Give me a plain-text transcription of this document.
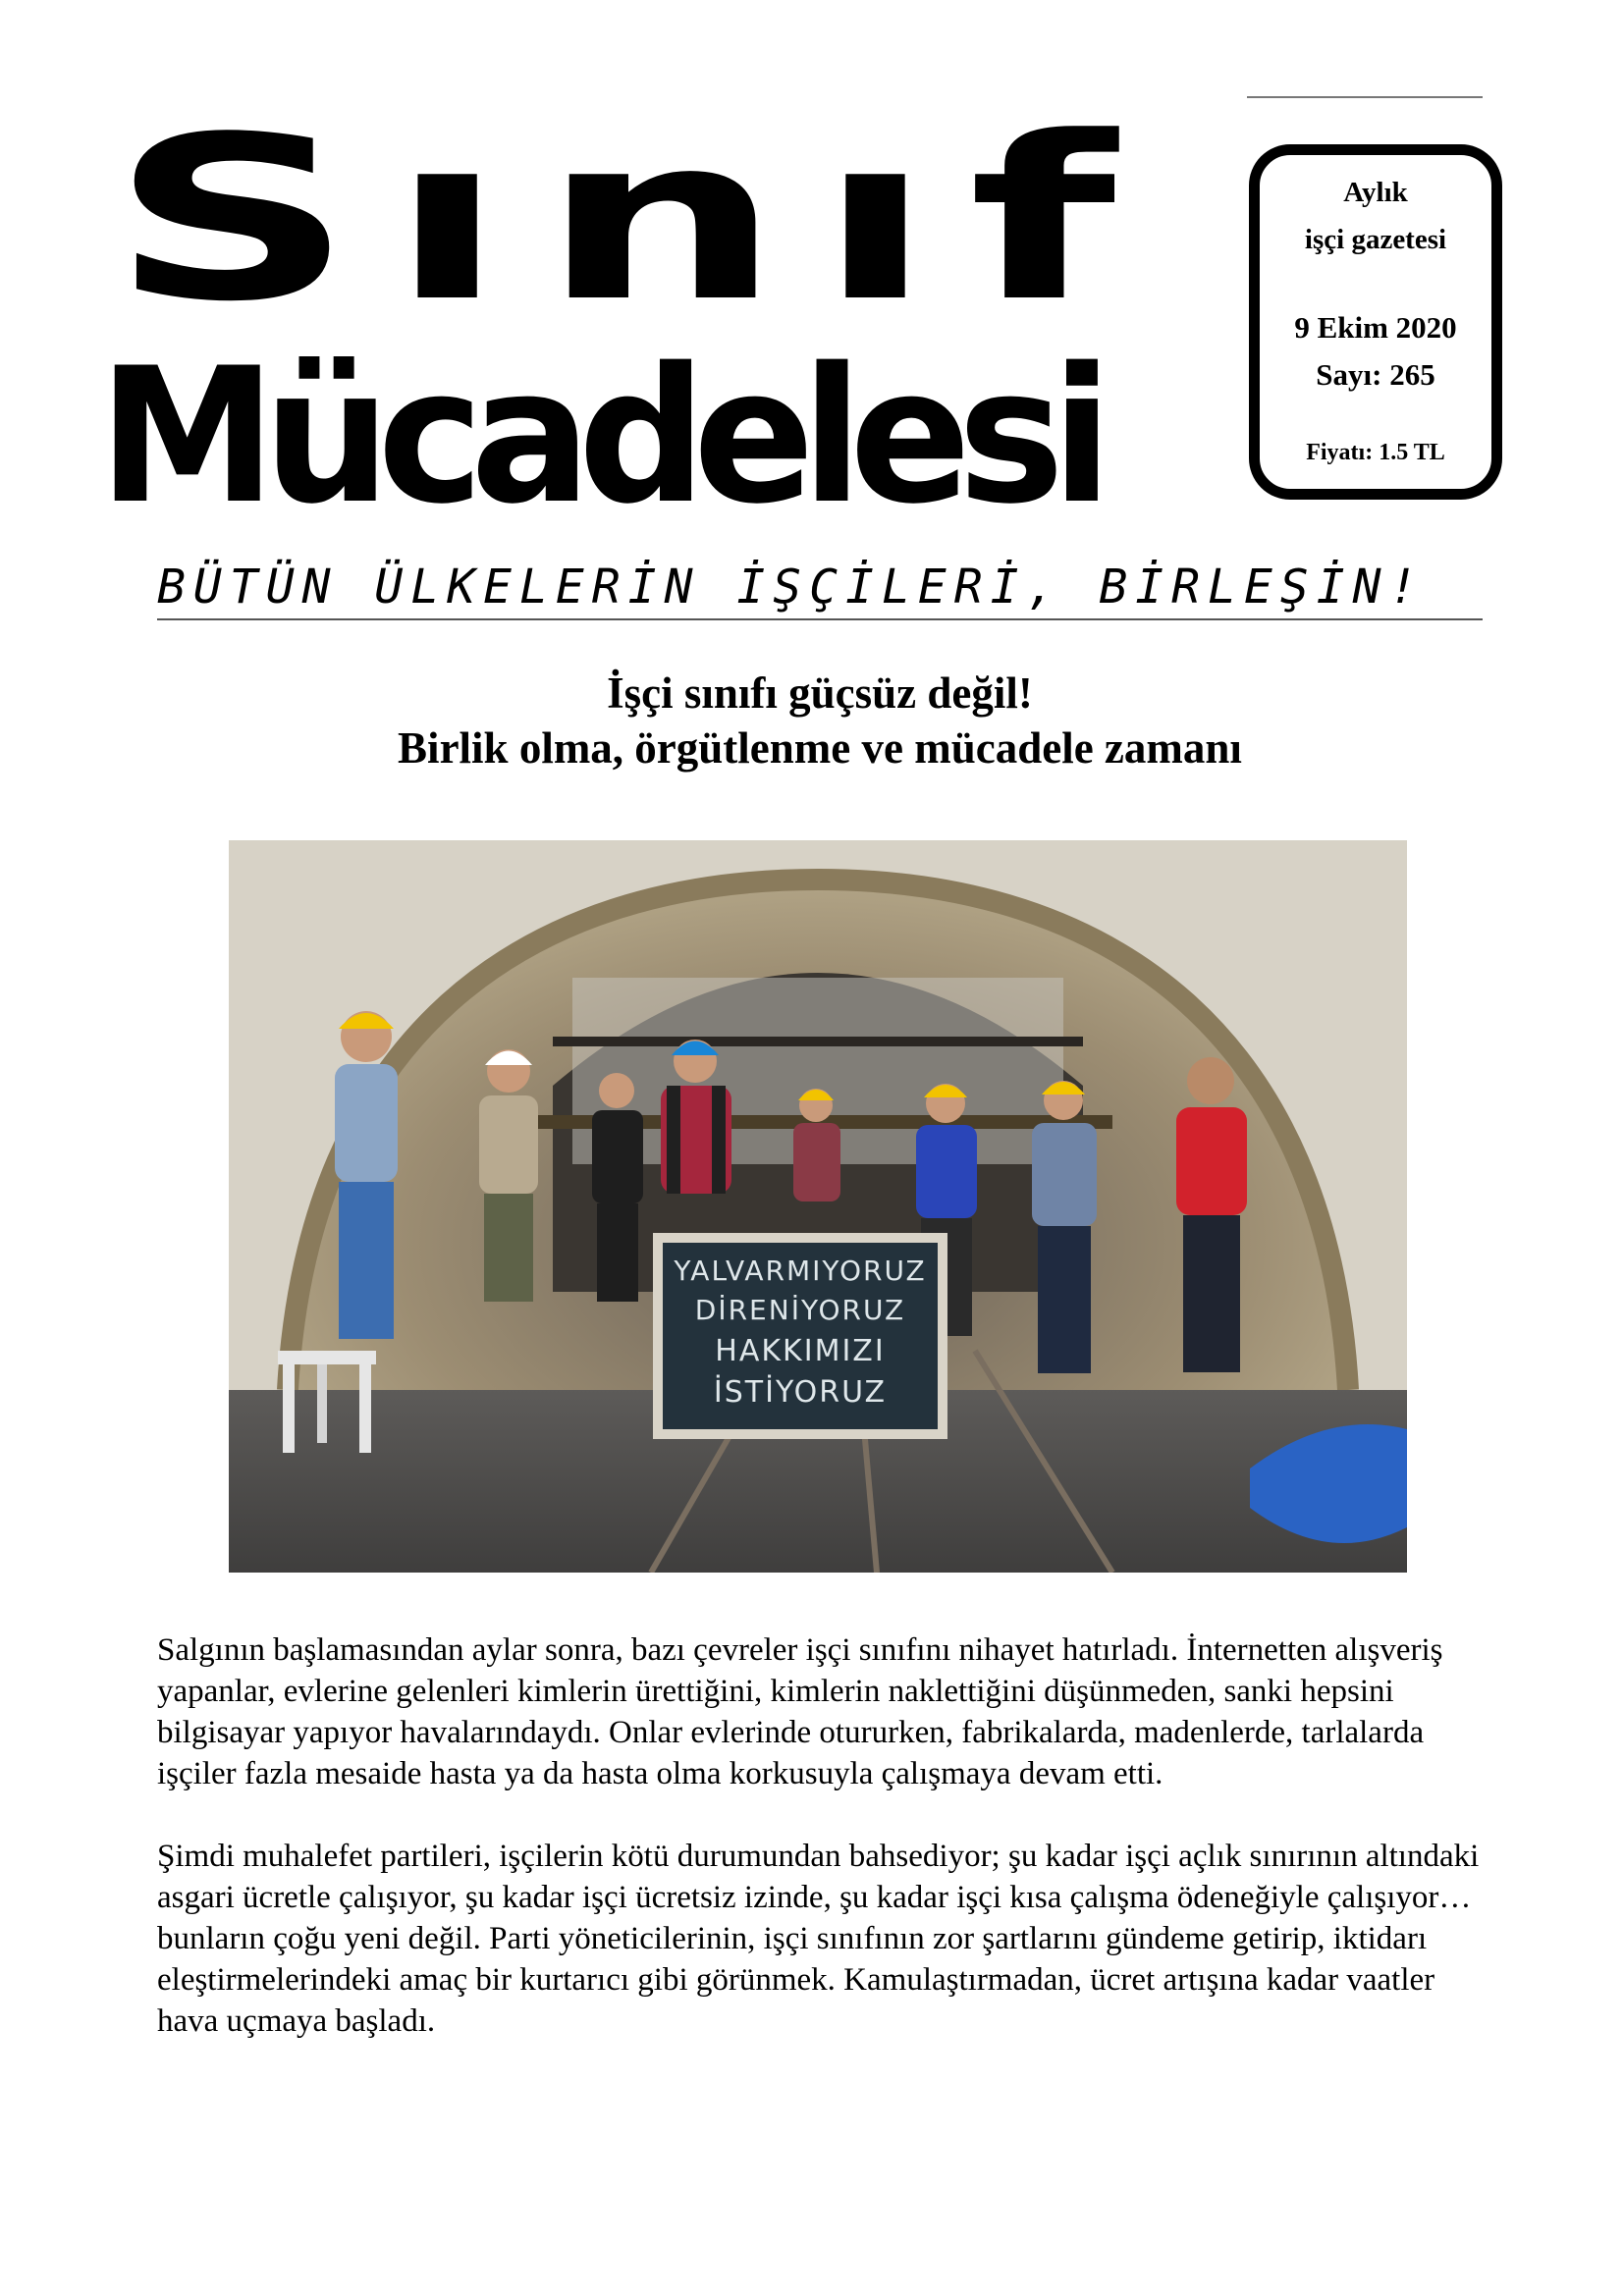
Sınıf
Mücadelesi
Aylık
işçi gazetesi
9 Ekim 2020
Sayı: 265
Fiyatı: 1.5 TL
BÜTÜN ÜLKELERİN İŞÇİLERİ, BİRLEŞİN!
İşçi sınıfı güçsüz değil!
Birlik olma, örgütlenme ve mücadele zamanı
YALVARMIYORUZ
DİRENİYORUZ
HAKKIMIZI
İSTİYORUZ

Salgının başlamasından aylar sonra, bazı çevreler işçi sınıfını nihayet hatırladı. İnternetten alışveriş yapanlar, evlerine gelenleri kimlerin ürettiğini, kimlerin naklettiğini düşünmeden, sanki hepsini bilgisayar yapıyor havalarındaydı. Onlar evlerinde otururken, fabrikalarda, madenlerde, tarlalarda işçiler fazla mesaide hasta ya da hasta olma korkusuyla çalışmaya devam etti.

Şimdi muhalefet partileri, işçilerin kötü durumundan bahsediyor; şu kadar işçi açlık sınırının altındaki asgari ücretle çalışıyor, şu kadar işçi ücretsiz izinde, şu kadar işçi kısa çalışma ödeneğiyle çalışıyor… bunların çoğu yeni değil. Parti yöneticilerinin, işçi sınıfının zor şartlarını gündeme getirip, iktidarı eleştirmelerindeki amaç bir kurtarıcı gibi görünmek. Kamulaştırmadan, ücret artışına kadar vaatler hava uçmaya başladı.
